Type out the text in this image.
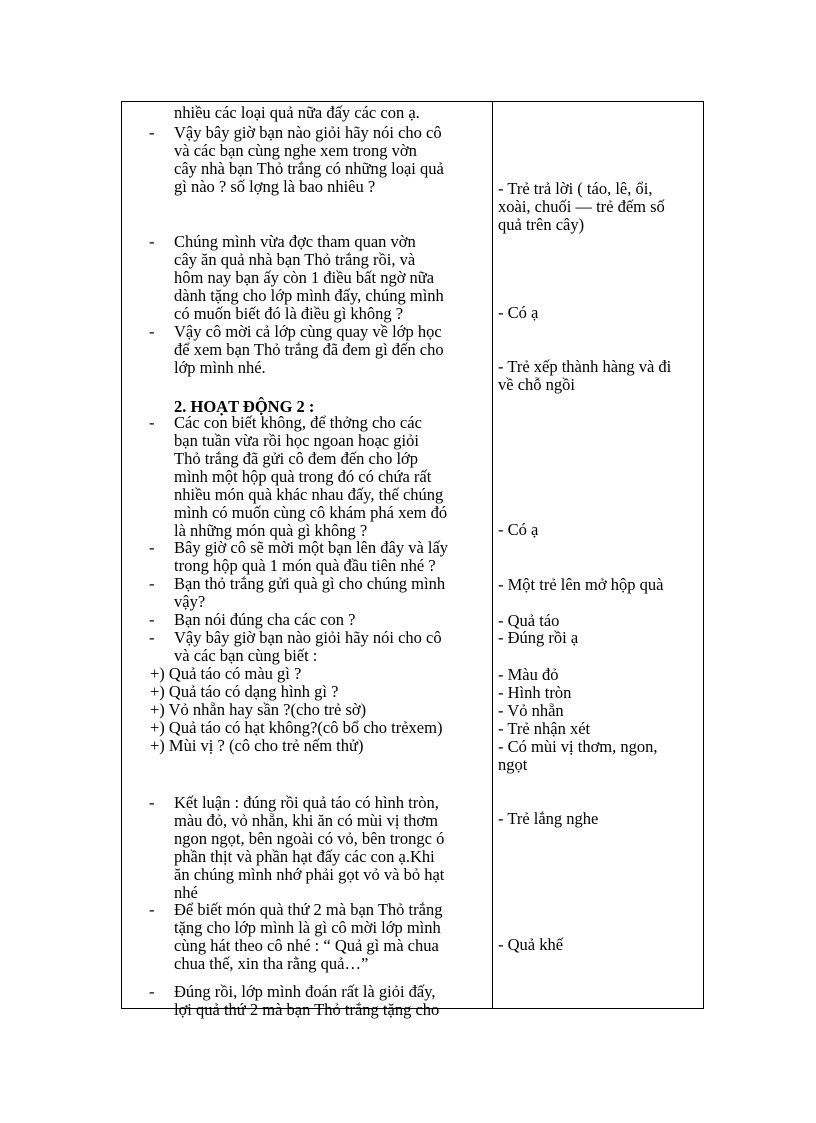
nhiều các loại quả nữa đấy các con ạ.
- Vậy bây giờ bạn nào giỏi hãy nói cho cô
và các bạn cùng nghe xem trong vờn
cây nhà bạn Thỏ trắng có những loại quả
gì nào ? số lợng là bao nhiêu ?
- Chúng mình vừa đợc tham quan vờn
cây ăn quả nhà bạn Thỏ trắng rồi, và
hôm nay bạn ấy còn 1 điều bất ngờ nữa
dành tặng cho lớp mình đấy, chúng mình
có muốn biết đó là điều gì không ?
- Vậy cô mời cả lớp cùng quay về lớp học
để xem bạn Thỏ trắng đã đem gì đến cho
lớp mình nhé.
2. HOẠT ĐỘNG 2 :
- Các con biết không, để thởng cho các
bạn tuần vừa rồi học ngoan hoạc giỏi
Thỏ trắng đã gửi cô đem đến cho lớp
mình một hộp quà trong đó có chứa rất
nhiều món quà khác nhau đấy, thế chúng
mình có muốn cùng cô khám phá xem đó
là những món quà gì không ?
- Bây giờ cô sẽ mời một bạn lên đây và lấy
trong hộp quà 1 món quà đầu tiên nhé ?
- Bạn thỏ trắng gửi quà gì cho chúng mình
vậy?
- Bạn nói đúng cha các con ?
- Vậy bây giờ bạn nào giỏi hãy nói cho cô
và các bạn cùng biết :
+) Quả táo có màu gì ?
+) Quả táo có dạng hình gì ?
+) Vỏ nhẵn hay sần ?(cho trẻ sờ)
+) Quả táo có hạt không?(cô bổ cho trẻxem)
+) Mùi vị ? (cô cho trẻ nếm thử)
- Kết luận : đúng rồi quả táo có hình tròn,
màu đỏ, vỏ nhẵn, khi ăn có mùi vị thơm
ngon ngọt, bên ngoài có vỏ, bên trongc ó
phần thịt và phần hạt đấy các con ạ.Khi
ăn chúng mình nhớ phải gọt vỏ và bỏ hạt
nhé
- Để biết món quà thứ 2 mà bạn Thỏ trắng
tặng cho lớp mình là gì cô mời lớp mình
cùng hát theo cô nhé : “ Quả gì mà chua
chua thế, xin tha rằng quả…”
- Đúng rồi, lớp mình đoán rất là giỏi đấy,
lợi quả thứ 2 mà bạn Thỏ trắng tặng cho
- Trẻ trả lời ( táo, lê, ổi,
xoài, chuối — trẻ đếm số
quả trên cây)
- Có ạ
- Trẻ xếp thành hàng và đi
về chỗ ngồi
- Có ạ
- Một trẻ lên mở hộp quà
- Quả táo
- Đúng rồi ạ
- Màu đỏ
- Hình tròn
- Vỏ nhẵn
- Trẻ nhận xét
- Có mùi vị thơm, ngon,
ngọt
- Trẻ lắng nghe
- Quả khế
